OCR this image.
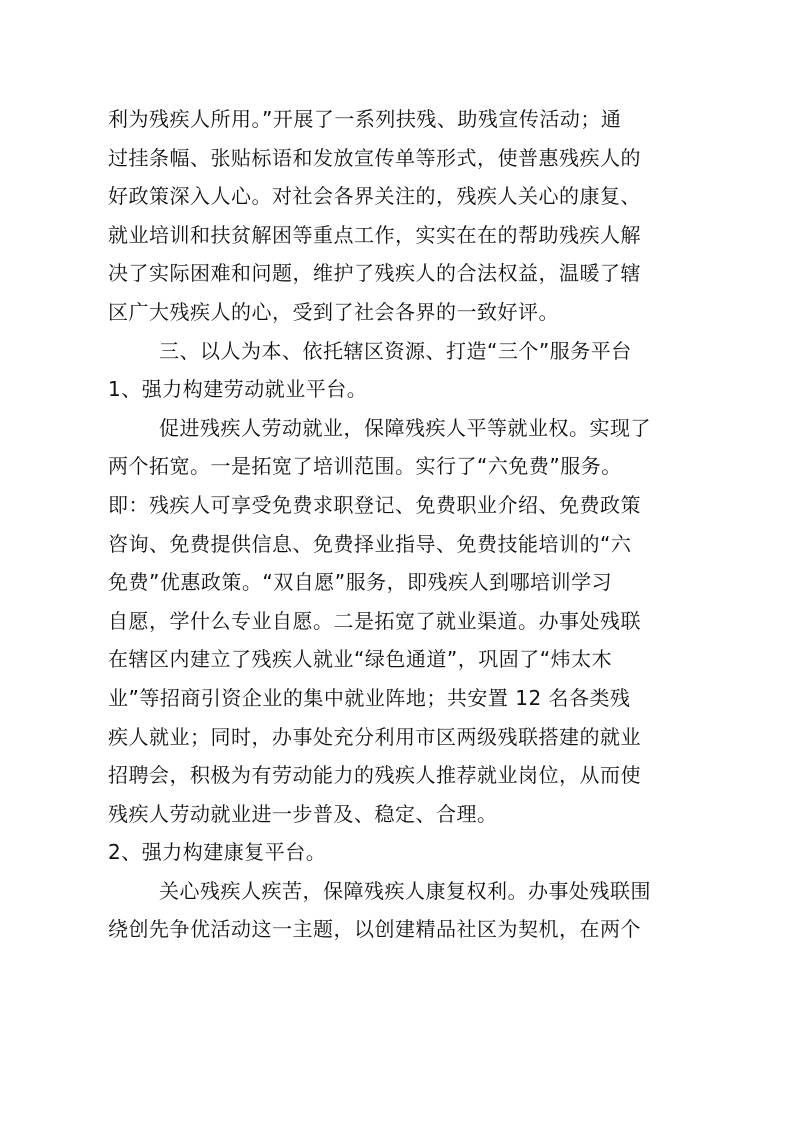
利为残疾人所用。”开展了一系列扶残、助残宣传活动；通
过挂条幅、张贴标语和发放宣传单等形式，使普惠残疾人的
好政策深入人心。对社会各界关注的，残疾人关心的康复、
就业培训和扶贫解困等重点工作，实实在在的帮助残疾人解
决了实际困难和问题，维护了残疾人的合法权益，温暖了辖
区广大残疾人的心，受到了社会各界的一致好评。
三、以人为本、依托辖区资源、打造“三个”服务平台
1、强力构建劳动就业平台。
促进残疾人劳动就业，保障残疾人平等就业权。实现了
两个拓宽。一是拓宽了培训范围。实行了“六免费”服务。
即：残疾人可享受免费求职登记、免费职业介绍、免费政策
咨询、免费提供信息、免费择业指导、免费技能培训的“六
免费”优惠政策。“双自愿”服务，即残疾人到哪培训学习
自愿，学什么专业自愿。二是拓宽了就业渠道。办事处残联
在辖区内建立了残疾人就业“绿色通道”，巩固了“炜太木
业”等招商引资企业的集中就业阵地；共安置 12 名各类残
疾人就业；同时，办事处充分利用市区两级残联搭建的就业
招聘会，积极为有劳动能力的残疾人推荐就业岗位，从而使
残疾人劳动就业进一步普及、稳定、合理。
2、强力构建康复平台。
关心残疾人疾苦，保障残疾人康复权利。办事处残联围
绕创先争优活动这一主题，以创建精品社区为契机，在两个
